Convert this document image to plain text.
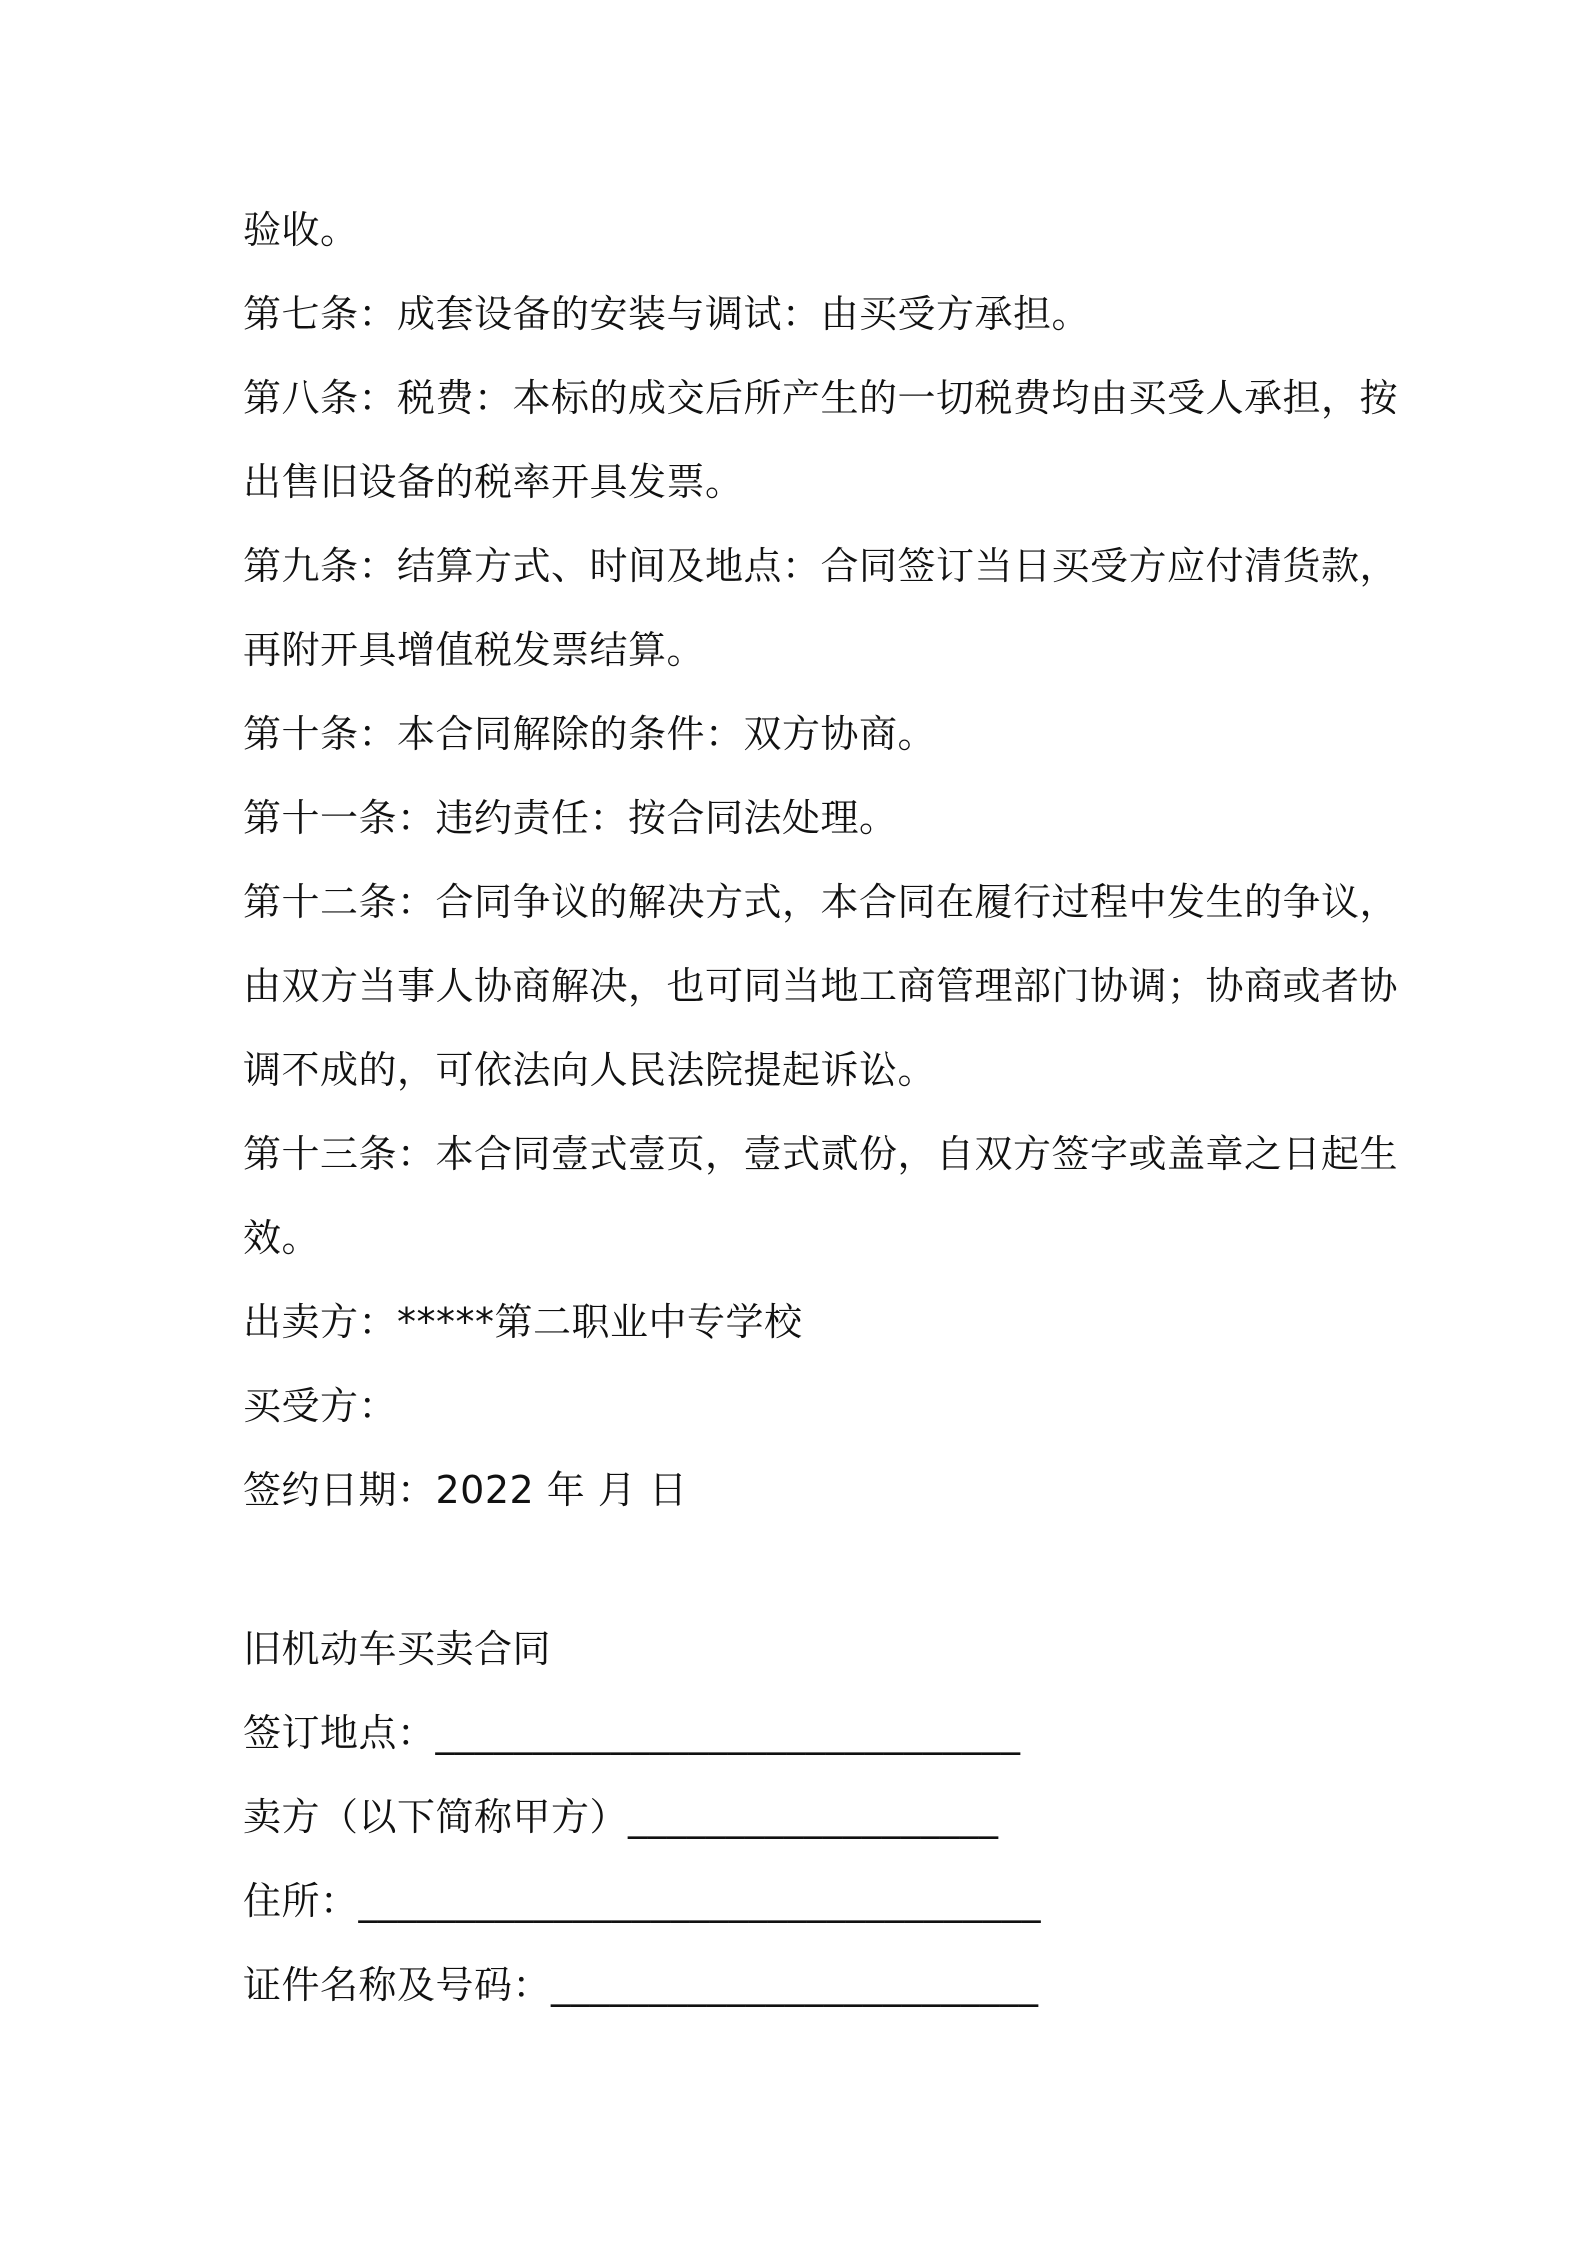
验收。
第七条：成套设备的安装与调试：由买受方承担。
第八条：税费：本标的成交后所产生的一切税费均由买受人承担，按
出售旧设备的税率开具发票。
第九条：结算方式、时间及地点：合同签订当日买受方应付清货款，
再附开具增值税发票结算。
第十条：本合同解除的条件：双方协商。
第十一条：违约责任：按合同法处理。
第十二条：合同争议的解决方式，本合同在履行过程中发生的争议，
由双方当事人协商解决，也可同当地工商管理部门协调；协商或者协
调不成的，可依法向人民法院提起诉讼。
第十三条：本合同壹式壹页，壹式贰份，自双方签字或盖章之日起生
效。
出卖方：*****第二职业中专学校
买受方：
签约日期：2022 年 月 日
旧机动车买卖合同
签订地点：______________________________
卖方（以下简称甲方）___________________
住所：___________________________________
证件名称及号码：_________________________
